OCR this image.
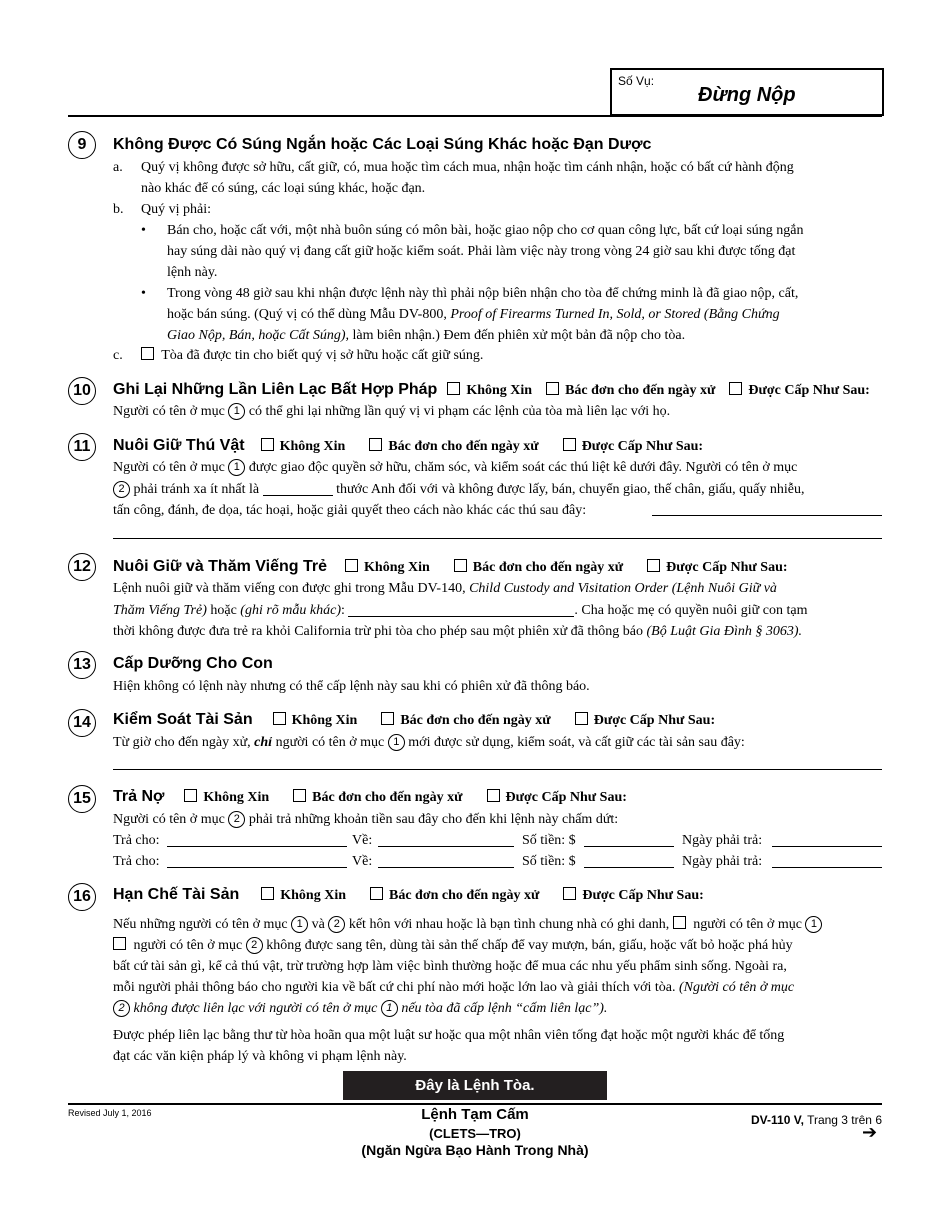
Số Vụ:
Đừng Nộp
9	Không Được Có Súng Ngắn hoặc Các Loại Súng Khác hoặc Đạn Dược
a. Quý vị không được sở hữu, cất giữ, có, mua hoặc tìm cách mua, nhận hoặc tìm cánh nhận, hoặc có bất cứ hành động
nào khác để có súng, các loại súng khác, hoặc đạn.
b. Quý vị phải:
• Bán cho, hoặc cất với, một nhà buôn súng có môn bài, hoặc giao nộp cho cơ quan công lực, bất cứ loại súng ngắn
hay súng dài nào quý vị đang cất giữ hoặc kiểm soát. Phải làm việc này trong vòng 24 giờ sau khi được tống đạt
lệnh này.
• Trong vòng 48 giờ sau khi nhận được lệnh này thì phải nộp biên nhận cho tòa để chứng minh là đã giao nộp, cất,
hoặc bán súng. (Quý vị có thể dùng Mẫu DV-800, Proof of Firearms Turned In, Sold, or Stored (Bằng Chứng
Giao Nộp, Bán, hoặc Cất Súng), làm biên nhận.) Đem đến phiên xử một bản đã nộp cho tòa.
c.	Tòa đã được tin cho biết quý vị sở hữu hoặc cất giữ súng.
10	Ghi Lại Những Lần Liên Lạc Bất Hợp Pháp Không Xin Bác đơn cho đến ngày xử Được Cấp Như Sau:
Người có tên ở mục 1 có thể ghi lại những lần quý vị vi phạm các lệnh của tòa mà liên lạc với họ.
11	Nuôi Giữ Thú Vật	Không Xin	Bác đơn cho đến ngày xử	Được Cấp Như Sau:
Người có tên ở mục 1 được giao độc quyền sở hữu, chăm sóc, và kiểm soát các thú liệt kê dưới đây. Người có tên ở mục
2 phải tránh xa ít nhất là	thước Anh đối với và không được lấy, bán, chuyển giao, thế chân, giấu, quấy nhiễu,
tấn công, đánh, đe dọa, tác hoại, hoặc giải quyết theo cách nào khác các thú sau đây:
12	Nuôi Giữ và Thăm Viếng Trẻ	Không Xin	Bác đơn cho đến ngày xử	Được Cấp Như Sau:
Lệnh nuôi giữ và thăm viếng con được ghi trong Mẫu DV-140, Child Custody and Visitation Order (Lệnh Nuôi Giữ và
Thăm Viếng Trẻ) hoặc (ghi rõ mẫu khác):	. Cha hoặc mẹ có quyền nuôi giữ con tạm
thời không được đưa trẻ ra khỏi California trừ phi tòa cho phép sau một phiên xử đã thông báo (Bộ Luật Gia Đình § 3063).
13	Cấp Dưỡng Cho Con
Hiện không có lệnh này nhưng có thể cấp lệnh này sau khi có phiên xử đã thông báo.
14	Kiểm Soát Tài Sản	Không Xin	Bác đơn cho đến ngày xử	Được Cấp Như Sau:
Từ giờ cho đến ngày xử, chỉ người có tên ở mục 1 mới được sử dụng, kiểm soát, và cất giữ các tài sản sau đây:
15	Trả Nợ	Không Xin	Bác đơn cho đến ngày xử	Được Cấp Như Sau:
Người có tên ở mục 2 phải trả những khoản tiền sau đây cho đến khi lệnh này chấm dứt:
Trả cho:	Về:	Số tiền: $	Ngày phải trả:
Trả cho:	Về:	Số tiền: $	Ngày phải trả:
16	Hạn Chế Tài Sản	Không Xin	Bác đơn cho đến ngày xử	Được Cấp Như Sau:
Nếu những người có tên ở mục 1 và 2 kết hôn với nhau hoặc là bạn tình chung nhà có ghi danh,  người có tên ở mục 1
người có tên ở mục 2 không được sang tên, dùng tài sản thế chấp để vay mượn, bán, giấu, hoặc vất bỏ hoặc phá hủy
bất cứ tài sản gì, kể cả thú vật, trừ trường hợp làm việc bình thường hoặc để mua các nhu yếu phẩm sinh sống. Ngoài ra,
mỗi người phải thông báo cho người kia về bất cứ chi phí nào mới hoặc lớn lao và giải thích với tòa. (Người có tên ở mục
2 không được liên lạc với người có tên ở mục 1 nếu tòa đã cấp lệnh “cấm liên lạc”).
Được phép liên lạc bằng thư từ hòa hoãn qua một luật sư hoặc qua một nhân viên tống đạt hoặc một người khác để tống
đạt các văn kiện pháp lý và không vi phạm lệnh này.
Đây là Lệnh Tòa.
Revised July 1, 2016	Lệnh Tạm Cấm
(CLETS—TRO)
(Ngăn Ngừa Bạo Hành Trong Nhà)
DV-110 V, Trang 3 trên 6
➔
